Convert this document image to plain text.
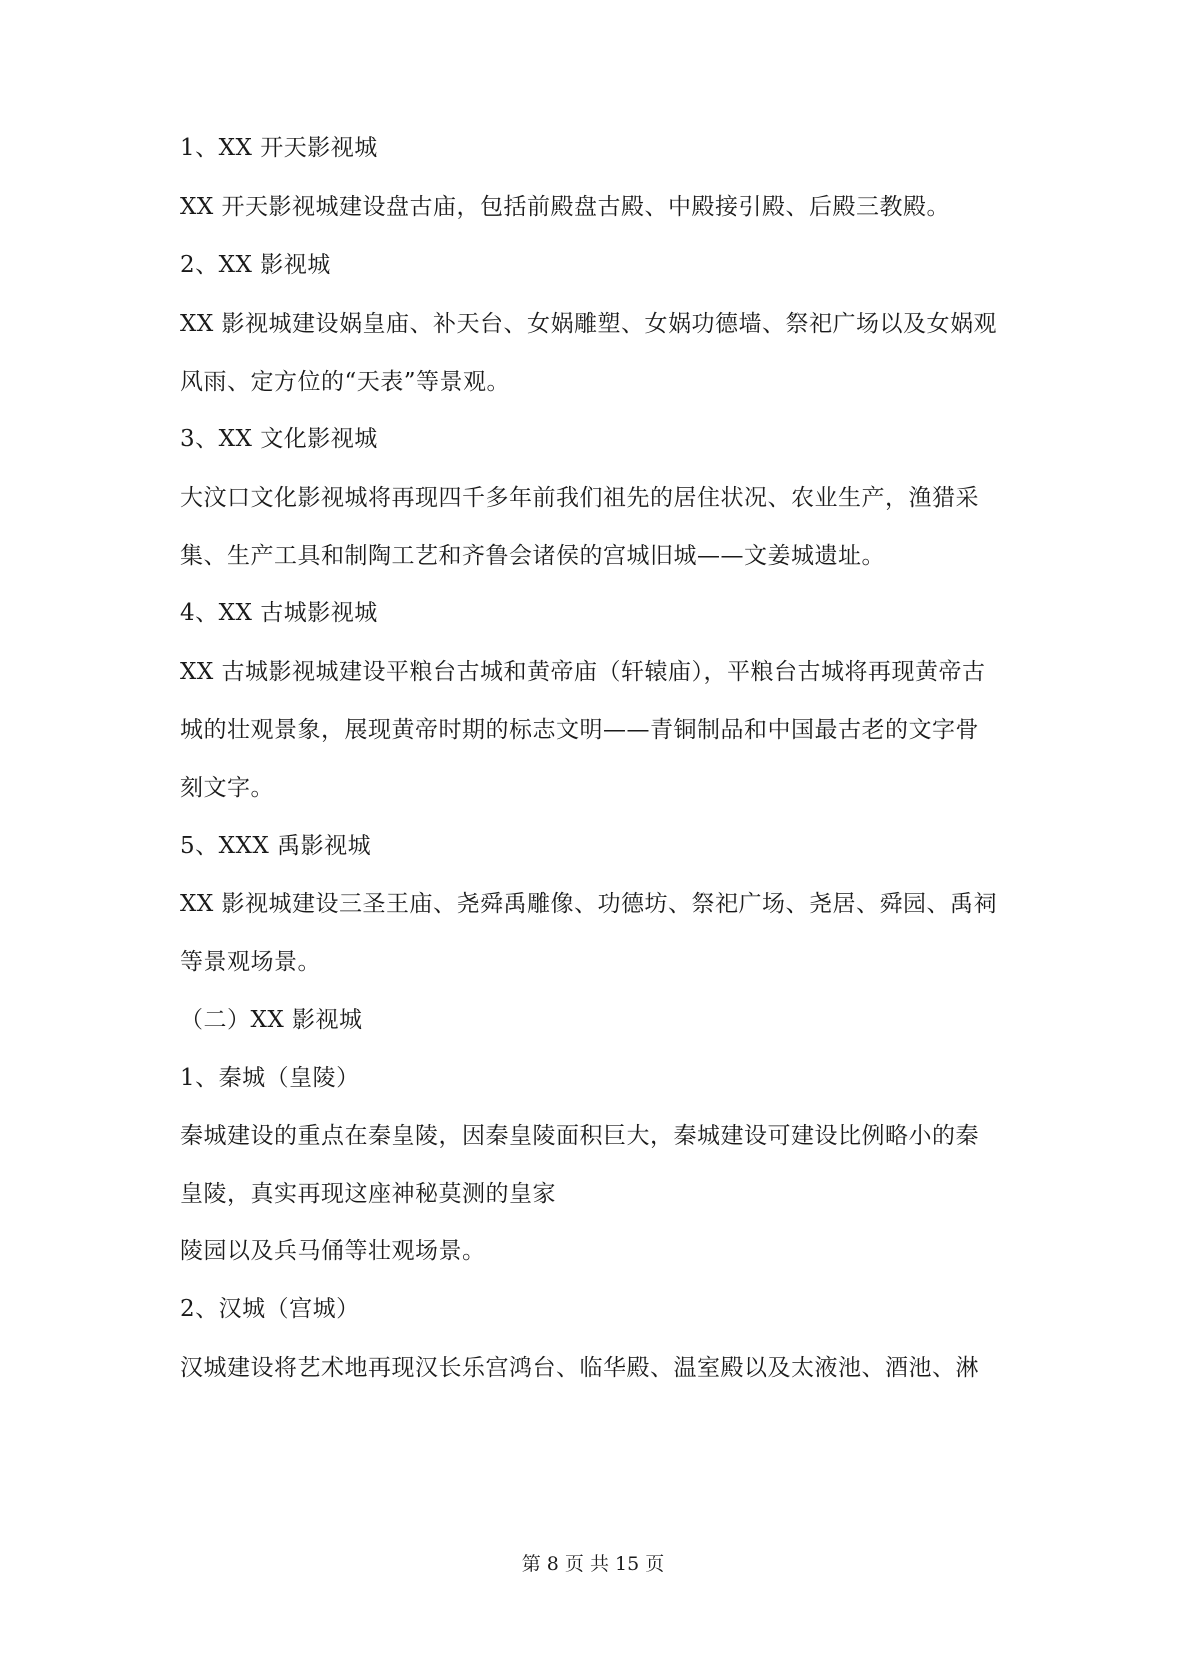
1、XX 开天影视城
XX 开天影视城建设盘古庙，包括前殿盘古殿、中殿接引殿、后殿三教殿。
2、XX 影视城
XX 影视城建设娲皇庙、补天台、女娲雕塑、女娲功德墙、祭祀广场以及女娲观
风雨、定方位的“天表”等景观。
3、XX 文化影视城
大汶口文化影视城将再现四千多年前我们祖先的居住状况、农业生产，渔猎采
集、生产工具和制陶工艺和齐鲁会诸侯的宫城旧城——文姜城遗址。
4、XX 古城影视城
XX 古城影视城建设平粮台古城和黄帝庙（轩辕庙），平粮台古城将再现黄帝古
城的壮观景象，展现黄帝时期的标志文明——青铜制品和中国最古老的文字骨
刻文字。
5、XXX 禹影视城
XX 影视城建设三圣王庙、尧舜禹雕像、功德坊、祭祀广场、尧居、舜园、禹祠
等景观场景。
（二）XX 影视城
1、秦城（皇陵）
秦城建设的重点在秦皇陵，因秦皇陵面积巨大，秦城建设可建设比例略小的秦
皇陵，真实再现这座神秘莫测的皇家
陵园以及兵马俑等壮观场景。
2、汉城（宫城）
汉城建设将艺术地再现汉长乐宫鸿台、临华殿、温室殿以及太液池、酒池、淋
第 8 页 共 15 页
